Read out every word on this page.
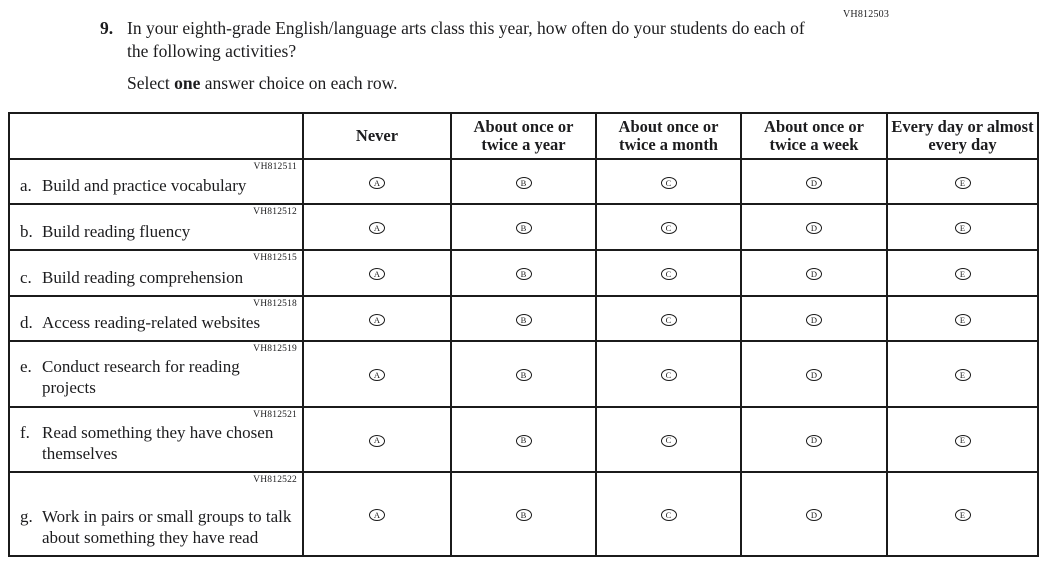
VH812503
9. In your eighth-grade English/language arts class this year, how often do your students do each of the following activities?
Select one answer choice on each row.
	Never	About once or twice a year	About once or twice a month	About once or twice a week	Every day or almost every day

VH812511
a. Build and practice vocabulary	A	B	C	D	E

VH812512
b. Build reading fluency	A	B	C	D	E

VH812515
c. Build reading comprehension	A	B	C	D	E

VH812518
d. Access reading-related websites	A	B	C	D	E

VH812519
e. Conduct research for reading projects	A	B	C	D	E

VH812521
f. Read something they have chosen themselves	A	B	C	D	E

VH812522
g. Work in pairs or small groups to talk about something they have read	A	B	C	D	E
